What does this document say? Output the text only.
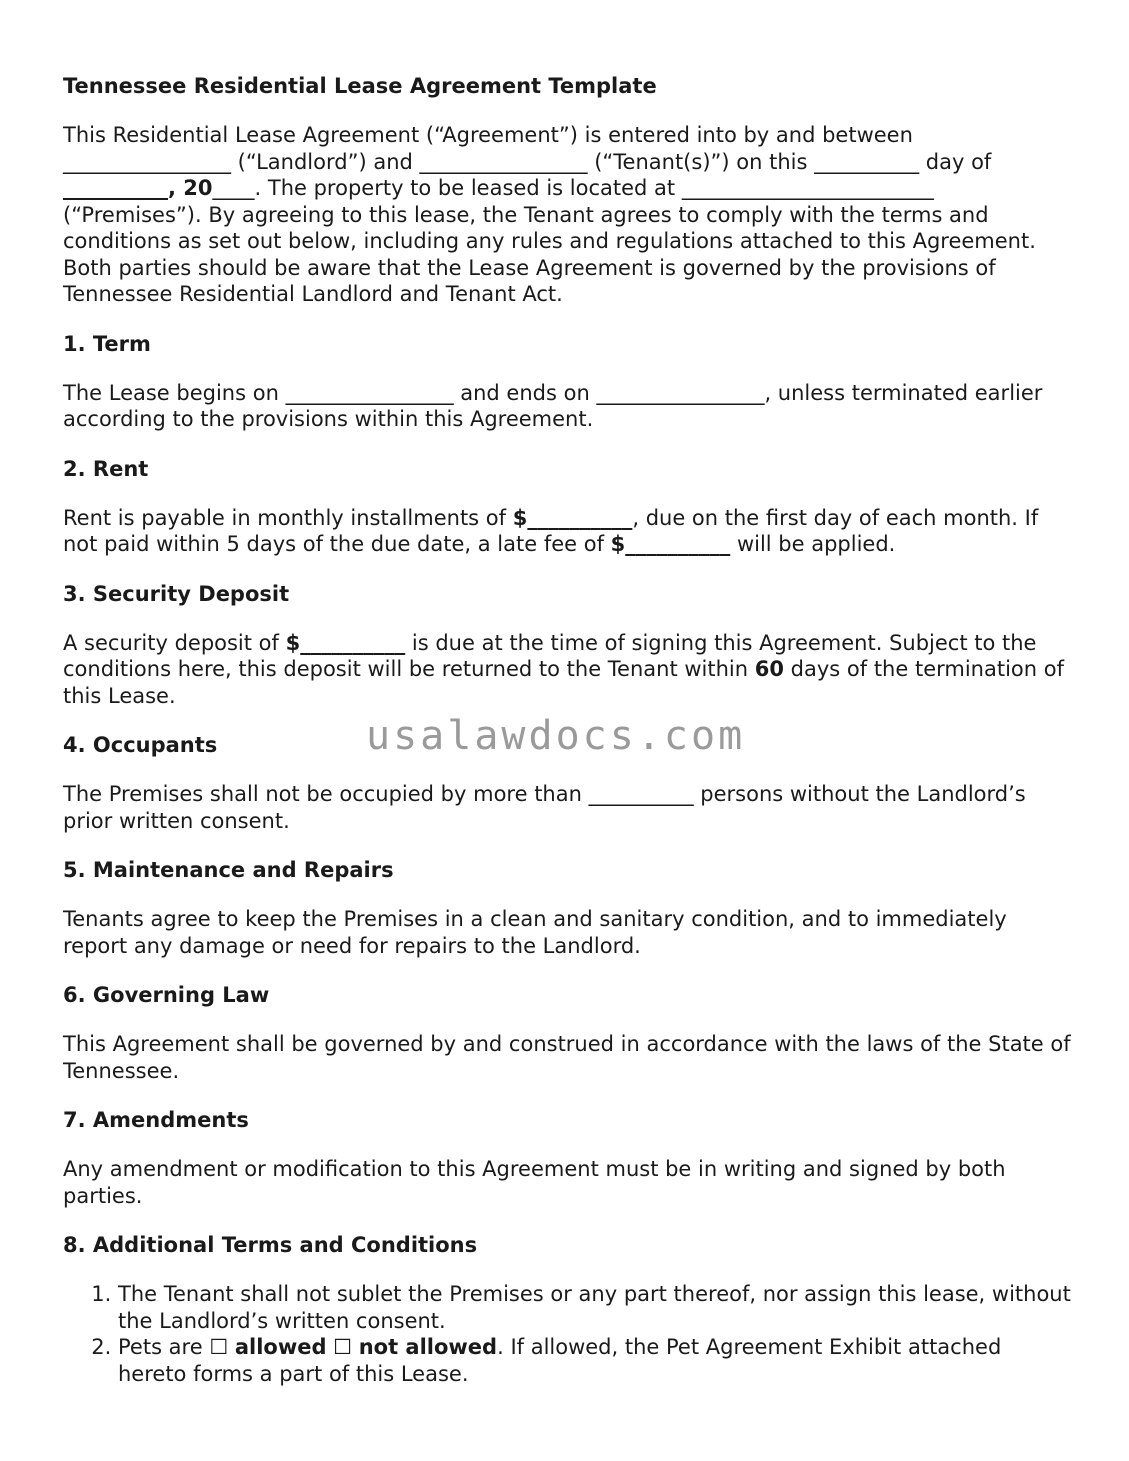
Tennessee Residential Lease Agreement Template

This Residential Lease Agreement (“Agreement”) is entered into by and between ________________ (“Landlord”) and ________________ (“Tenant(s)”) on this __________ day of __________, 20____. The property to be leased is located at ________________________ (“Premises”). By agreeing to this lease, the Tenant agrees to comply with the terms and conditions as set out below, including any rules and regulations attached to this Agreement. Both parties should be aware that the Lease Agreement is governed by the provisions of Tennessee Residential Landlord and Tenant Act.

1. Term

The Lease begins on ________________ and ends on ________________, unless terminated earlier according to the provisions within this Agreement.

2. Rent

Rent is payable in monthly installments of $__________, due on the first day of each month. If not paid within 5 days of the due date, a late fee of $__________ will be applied.

3. Security Deposit

A security deposit of $__________ is due at the time of signing this Agreement. Subject to the conditions here, this deposit will be returned to the Tenant within 60 days of the termination of this Lease.

4. Occupants

The Premises shall not be occupied by more than __________ persons without the Landlord’s prior written consent.

5. Maintenance and Repairs

Tenants agree to keep the Premises in a clean and sanitary condition, and to immediately report any damage or need for repairs to the Landlord.

6. Governing Law

This Agreement shall be governed by and construed in accordance with the laws of the State of Tennessee.

7. Amendments

Any amendment or modification to this Agreement must be in writing and signed by both parties.

8. Additional Terms and Conditions
1. The Tenant shall not sublet the Premises or any part thereof, nor assign this lease, without the Landlord’s written consent.
2. Pets are ☐ allowed ☐ not allowed. If allowed, the Pet Agreement Exhibit attached hereto forms a part of this Lease.
usalawdocs.com
